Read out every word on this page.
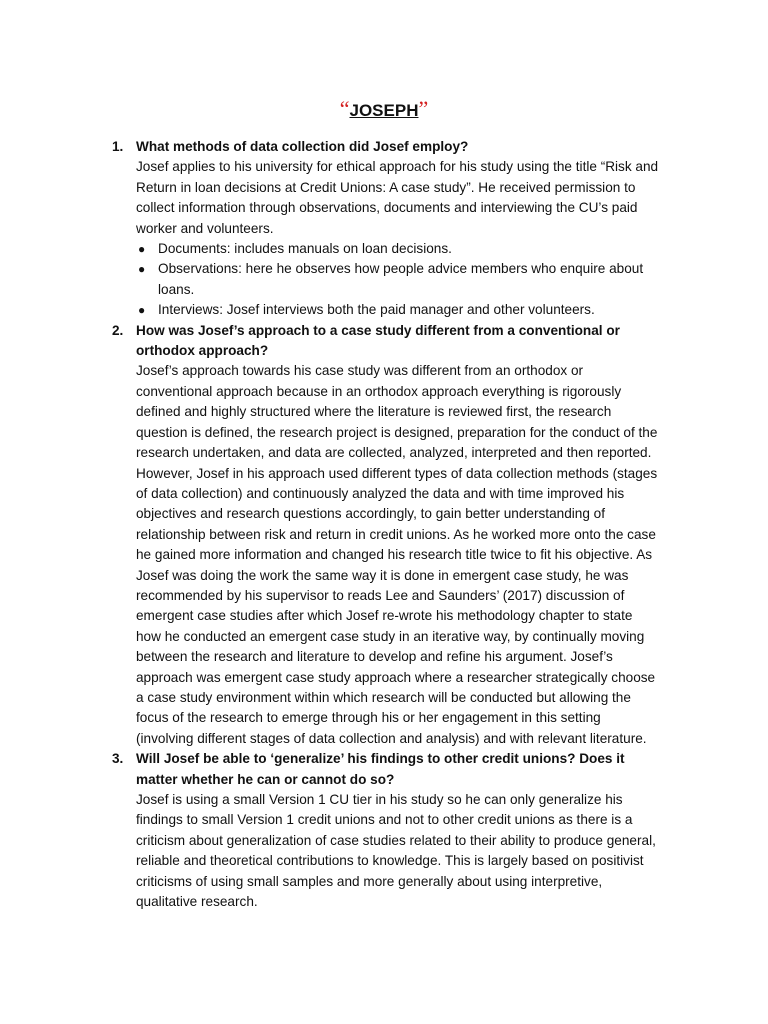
“JOSEPH”
1. What methods of data collection did Josef employ?
Josef applies to his university for ethical approach for his study using the title “Risk and Return in loan decisions at Credit Unions: A case study”. He received permission to collect information through observations, documents and interviewing the CU’s paid worker and volunteers.
● Documents: includes manuals on loan decisions.
● Observations: here he observes how people advice members who enquire about loans.
● Interviews: Josef interviews both the paid manager and other volunteers.
2. How was Josef’s approach to a case study different from a conventional or orthodox approach?
Josef’s approach towards his case study was different from an orthodox or conventional approach because in an orthodox approach everything is rigorously defined and highly structured where the literature is reviewed first, the research question is defined, the research project is designed, preparation for the conduct of the research undertaken, and data are collected, analyzed, interpreted and then reported. However, Josef in his approach used different types of data collection methods (stages of data collection) and continuously analyzed the data and with time improved his objectives and research questions accordingly, to gain better understanding of relationship between risk and return in credit unions. As he worked more onto the case he gained more information and changed his research title twice to fit his objective. As Josef was doing the work the same way it is done in emergent case study, he was recommended by his supervisor to reads Lee and Saunders’ (2017) discussion of emergent case studies after which Josef re-wrote his methodology chapter to state how he conducted an emergent case study in an iterative way, by continually moving between the research and literature to develop and refine his argument. Josef’s approach was emergent case study approach where a researcher strategically choose a case study environment within which research will be conducted but allowing the focus of the research to emerge through his or her engagement in this setting (involving different stages of data collection and analysis) and with relevant literature.
3. Will Josef be able to ‘generalize’ his findings to other credit unions? Does it matter whether he can or cannot do so?
Josef is using a small Version 1 CU tier in his study so he can only generalize his findings to small Version 1 credit unions and not to other credit unions as there is a criticism about generalization of case studies related to their ability to produce general, reliable and theoretical contributions to knowledge. This is largely based on positivist criticisms of using small samples and more generally about using interpretive, qualitative research.
